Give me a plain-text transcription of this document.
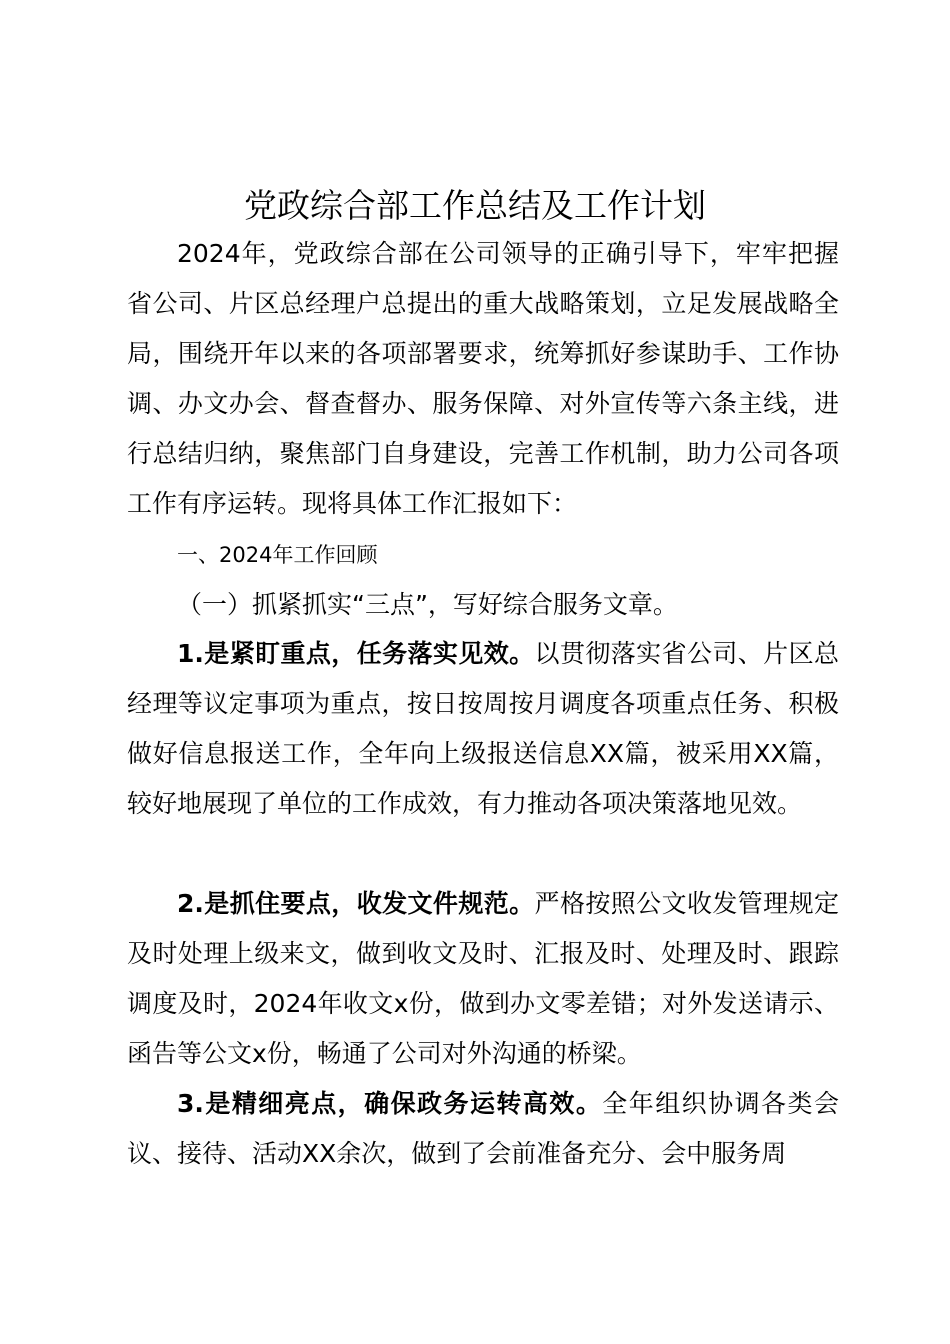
党政综合部工作总结及工作计划

2024年，党政综合部在公司领导的正确引导下，牢牢把握省公司、片区总经理户总提出的重大战略策划，立足发展战略全局，围绕开年以来的各项部署要求，统筹抓好参谋助手、工作协调、办文办会、督查督办、服务保障、对外宣传等六条主线，进行总结归纳，聚焦部门自身建设，完善工作机制，助力公司各项工作有序运转。现将具体工作汇报如下：

一、2024年工作回顾

（一）抓紧抓实“三点”，写好综合服务文章。

1.是紧盯重点，任务落实见效。以贯彻落实省公司、片区总经理等议定事项为重点，按日按周按月调度各项重点任务、积极做好信息报送工作，全年向上级报送信息XX篇，被采用XX篇，较好地展现了单位的工作成效，有力推动各项决策落地见效。

2.是抓住要点，收发文件规范。严格按照公文收发管理规定及时处理上级来文，做到收文及时、汇报及时、处理及时、跟踪调度及时，2024年收文x份，做到办文零差错；对外发送请示、函告等公文x份，畅通了公司对外沟通的桥梁。

3.是精细亮点，确保政务运转高效。全年组织协调各类会议、接待、活动XX余次，做到了会前准备充分、会中服务周
